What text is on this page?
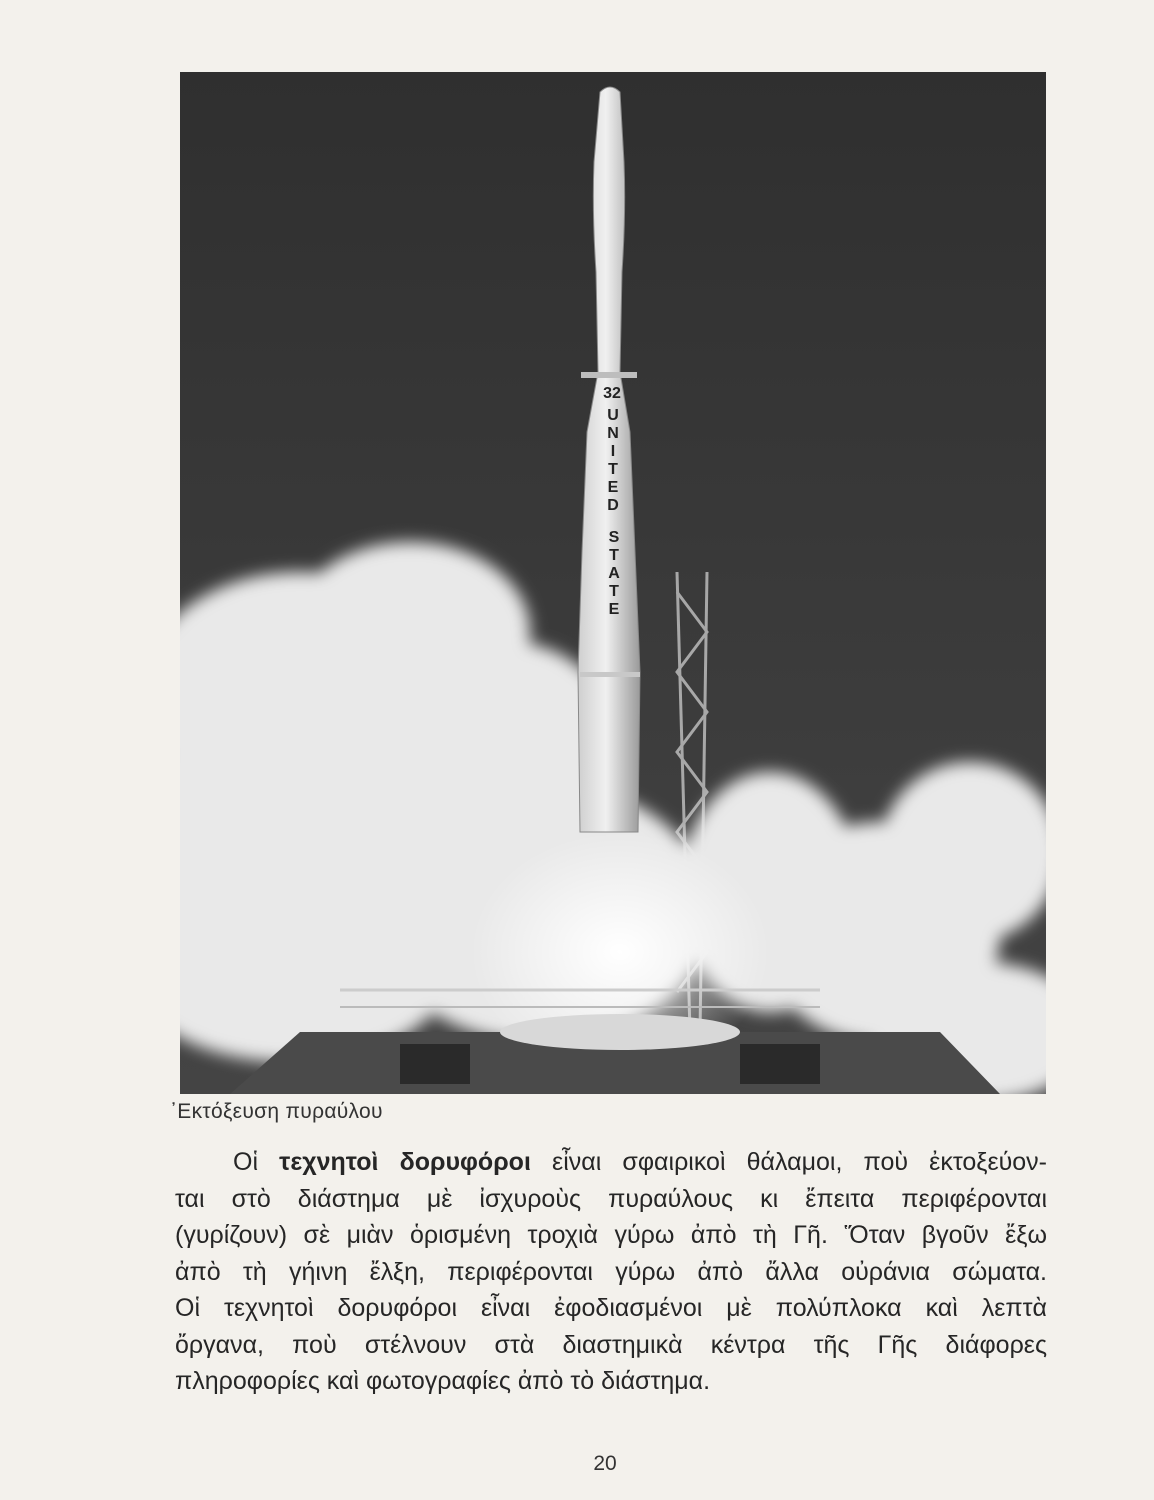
32
U
N
I
T
E
D
S
T
A
T
E
᾿Εκτόξευση πυραύλου
Οἱ τεχνητοὶ δορυφόροι εἶναι σφαιρικοὶ θάλαμοι, ποὺ ἐκτοξεύον-
ται στὸ διάστημα μὲ ἰσχυροὺς πυραύλους κι ἔπειτα περιφέρονται
(γυρίζουν) σὲ μιὰν ὁρισμένη τροχιὰ γύρω ἀπὸ τὴ Γῆ. Ὅταν βγοῦν ἔξω
ἀπὸ τὴ γήινη ἔλξη, περιφέρονται γύρω ἀπὸ ἄλλα οὐράνια σώματα.
Οἱ τεχνητοὶ δορυφόροι εἶναι ἐφοδιασμένοι μὲ πολύπλοκα καὶ λεπτὰ
ὄργανα, ποὺ στέλνουν στὰ διαστημικὰ κέντρα τῆς Γῆς διάφορες
πληροφορίες καὶ φωτογραφίες ἀπὸ τὸ διάστημα.
20
